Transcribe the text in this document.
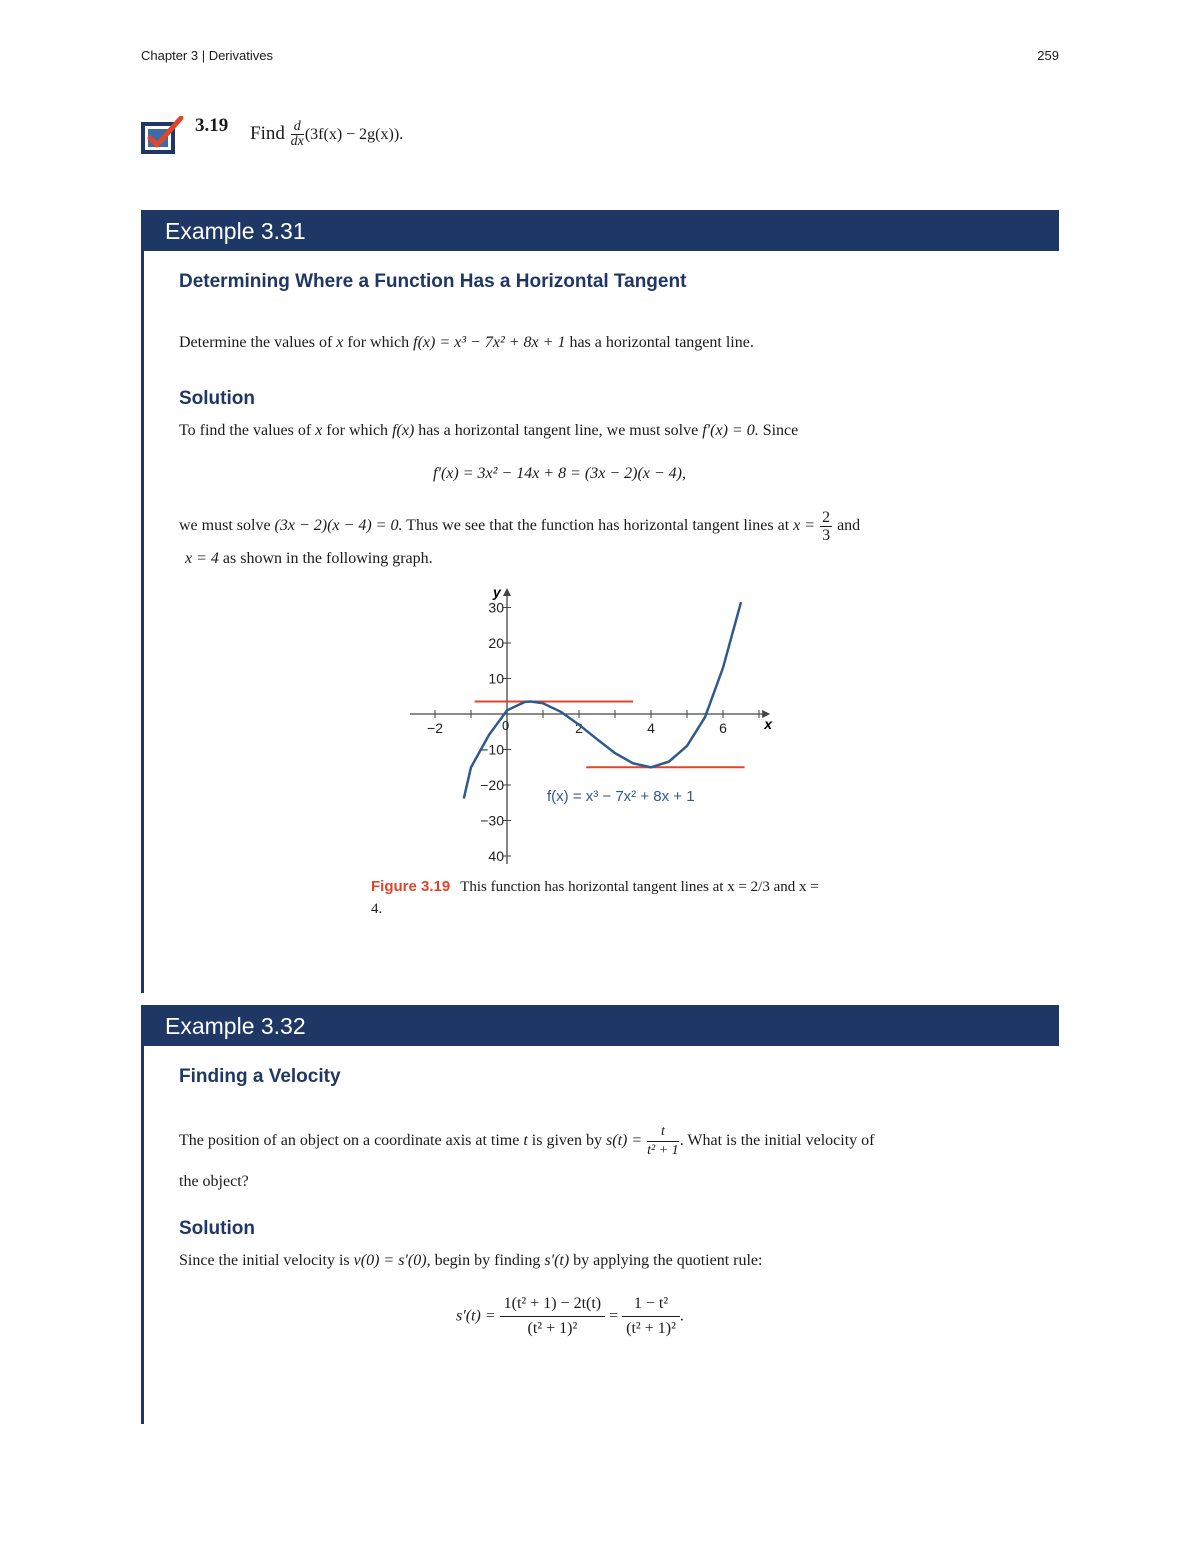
Chapter 3 | Derivatives	259
3.19 Find $\frac{d}{dx} (3f(x) - 2g(x))$.
Example 3.31
Determining Where a Function Has a Horizontal Tangent
Determine the values of x for which f(x) = x³ − 7x² + 8x + 1 has a horizontal tangent line.
Solution
To find the values of x for which f(x) has a horizontal tangent line, we must solve f′(x) = 0. Since
f′(x) = 3x² − 14x + 8 = (3x − 2)(x − 4),
we must solve (3x − 2)(x − 4) = 0. Thus we see that the function has horizontal tangent lines at $x = \frac{2}{3}$ and
x = 4 as shown in the following graph.
−2	2	4	6
30
20
10
−10
−20
−30
40
0
f(x) = x³ − 7x² + 8x + 1
x
y
Figure 3.19 This function has horizontal tangent lines at x = 2/3 and x = 4.
Example 3.32
Finding a Velocity
The position of an object on a coordinate axis at time t is given by $s(t) = \frac{t}{\text{t² + 1}}$ . What is the initial velocity of
the object?
Solution
Since the initial velocity is v(0) = s′(0), begin by finding s′(t) by applying the quotient rule:
$s'(t) = \frac{\text{1(t² + 1) − 2t(t)}}{\text{(t² + 1)²}} = \frac{\text{1 − t²}}{\text{(t² + 1)²}}$ .
